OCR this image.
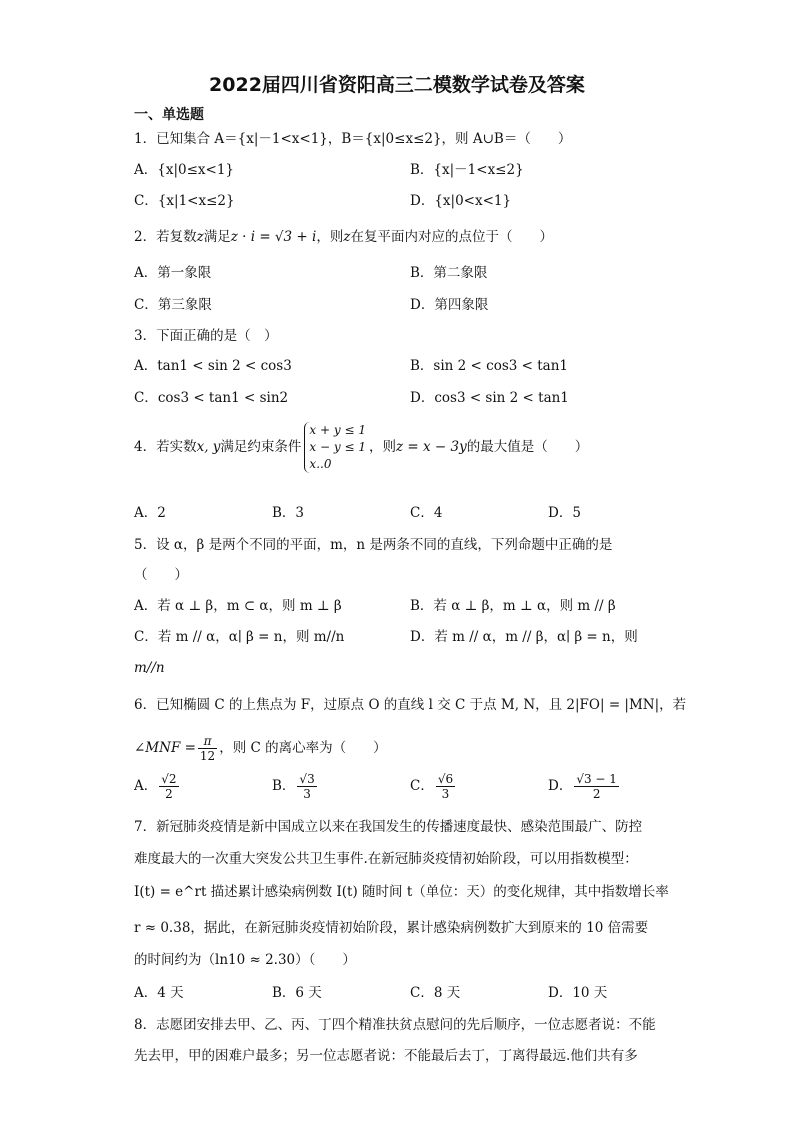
2022届四川省资阳高三二模数学试卷及答案
一、单选题
1．已知集合 A＝{x|－1<x<1}，B＝{x|0≤x≤2}，则 A∪B＝（　　）
A．{x|0≤x<1}	B．{x|－1<x≤2}
C．{x|1<x≤2}	D．{x|0<x<1}
2．若复数z满足z · i = √3 + i，则z在复平面内对应的点位于（　　）
A．第一象限	B．第二象限
C．第三象限	D．第四象限
3．下面正确的是（　）
A．tan1 < sin 2 < cos3	B．sin 2 < cos3 < tan1
C．cos3 < tan1 < sin2	D．cos3 < sin 2 < tan1
4．若实数x, y满足约束条件
x + y ≤ 1
x − y ≤ 1
x..0
，则z = x − 3y的最大值是（　　）
A．2	B．3	C．4	D．5
5．设 α，β 是两个不同的平面，m，n 是两条不同的直线，下列命题中正确的是
（　　）
A．若 α ⊥ β，m ⊂ α，则 m ⊥ β	B．若 α ⊥ β，m ⊥ α，则 m // β
C．若 m // α，α∣ β = n，则 m//n	D．若 m // α，m // β，α∣ β = n，则
m//n
6．已知椭圆 C 的上焦点为 F，过原点 O 的直线 l 交 C 于点 M, N，且 2|FO| = |MN|，若
∠MNF = $\frac{\pi}{12}$ ，则 C 的离心率为（　　）
A． $\frac{√2}{2}$	B． $\frac{√3}{3}$	C． $\frac{√6}{3}$	D． $\frac{√3 - 1}{2}$
7．新冠肺炎疫情是新中国成立以来在我国发生的传播速度最快、感染范围最广、防控
难度最大的一次重大突发公共卫生事件.在新冠肺炎疫情初始阶段，可以用指数模型：
I(t) = e^rt 描述累计感染病例数 I(t) 随时间 t（单位：天）的变化规律，其中指数增长率
r ≈ 0.38，据此，在新冠肺炎疫情初始阶段，累计感染病例数扩大到原来的 10 倍需要
的时间约为（ln10 ≈ 2.30）（　　）
A．4 天	B．6 天	C．8 天	D．10 天
8．志愿团安排去甲、乙、丙、丁四个精准扶贫点慰问的先后顺序，一位志愿者说：不能
先去甲，甲的困难户最多；另一位志愿者说：不能最后去丁，丁离得最远.他们共有多
